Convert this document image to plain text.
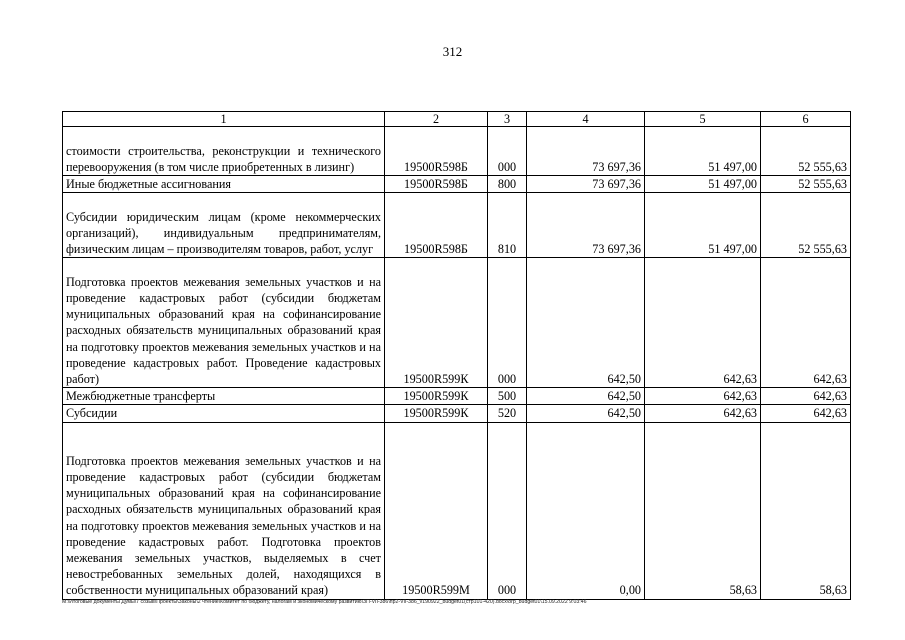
312
1	2	3	4	5	6
стоимости строительства, реконструкции и технического перевооружения (в том числе приобретенных в лизинг)	19500R598Б	000	73 697,36	51 497,00	52 555,63
Иные бюджетные ассигнования	19500R598Б	800	73 697,36	51 497,00	52 555,63
Субсидии юридическим лицам (кроме некоммерческих организаций), индивидуальным предпринимателям, физическим лицам – производителям товаров, работ, услуг	19500R598Б	810	73 697,36	51 497,00	52 555,63
Подготовка проектов межевания земельных участков и на проведение кадастровых работ (субсидии бюджетам муниципальных образований края на софинансирование расходных обязательств муниципальных образований края на подготовку проектов межевания земельных участков и на проведение кадастровых работ. Проведение кадастровых работ)	19500R599К	000	642,50	642,63	642,63
Межбюджетные трансферты	19500R599К	500	642,50	642,63	642,63
Субсидии	19500R599К	520	642,50	642,63	642,63
Подготовка проектов межевания земельных участков и на проведение кадастровых работ (субсидии бюджетам муниципальных образований края на софинансирование расходных обязательств муниципальных образований края на подготовку проектов межевания земельных участков и на проведение кадастровых работ. Подготовка проектов межевания земельных участков, выделяемых в счет невостребованных земельных долей, находящихся в собственности муниципальных образований края)	19500R599М	000	0,00	58,63	58,63
M:\Итоговые документы Думы\7 созыв\Проекты\Законы\2 чтение\Комитет по бюджету, налогам и экономическому развитию\ЗП-VII-386\пр2-VII-386_v190922_budget01(стр101-420).docx\orp_budget01\15.09.2022 9:03:46
